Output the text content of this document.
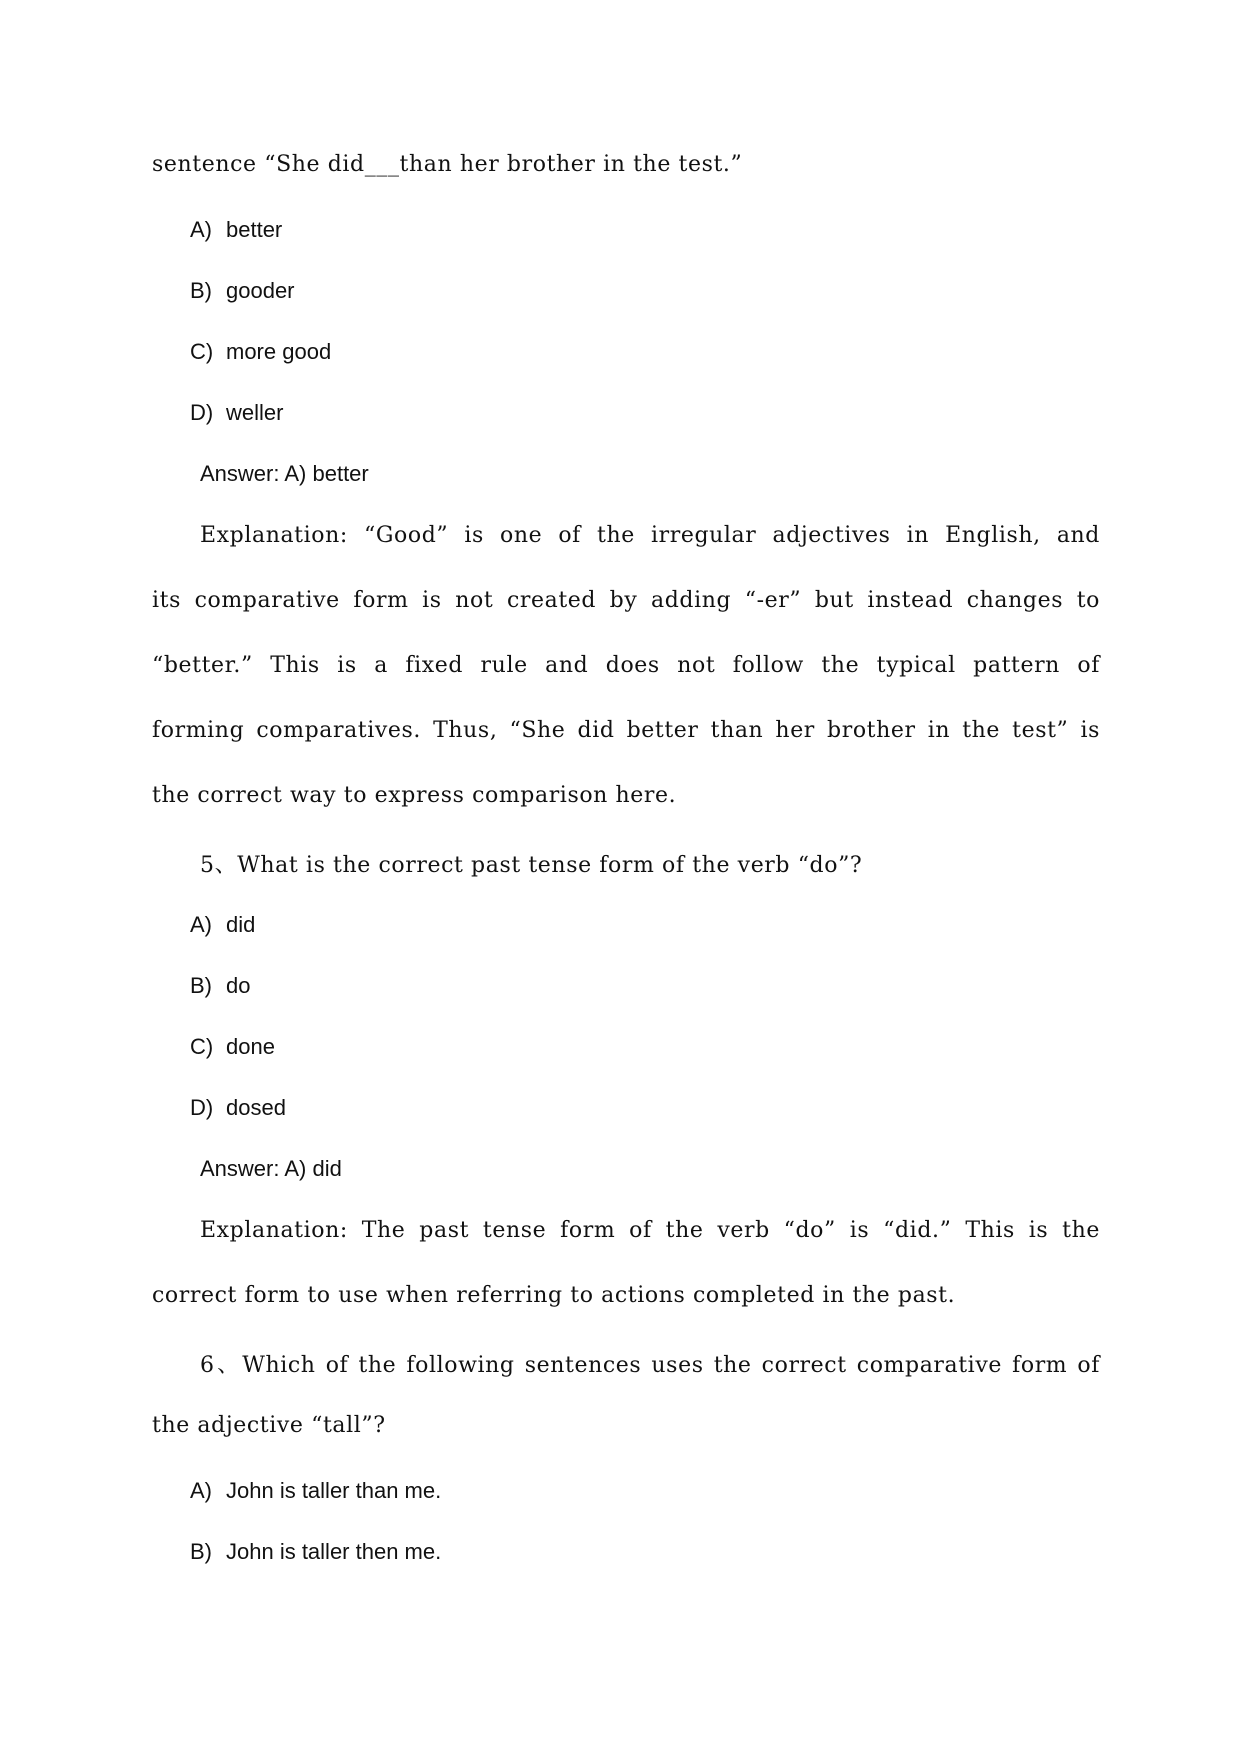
sentence “She did___than her brother in the test.”
A) better
B) gooder
C) more good
D) weller
Answer: A) better
Explanation: “Good” is one of the irregular adjectives in English, and
its comparative form is not created by adding “-er” but instead changes to
“better.” This is a fixed rule and does not follow the typical pattern of
forming comparatives. Thus, “She did better than her brother in the test” is
the correct way to express comparison here.
5、What is the correct past tense form of the verb “do”?
A) did
B) do
C) done
D) dosed
Answer: A) did
Explanation: The past tense form of the verb “do” is “did.” This is the
correct form to use when referring to actions completed in the past.
6、Which of the following sentences uses the correct comparative form of
the adjective “tall”?
A) John is taller than me.
B) John is taller then me.
